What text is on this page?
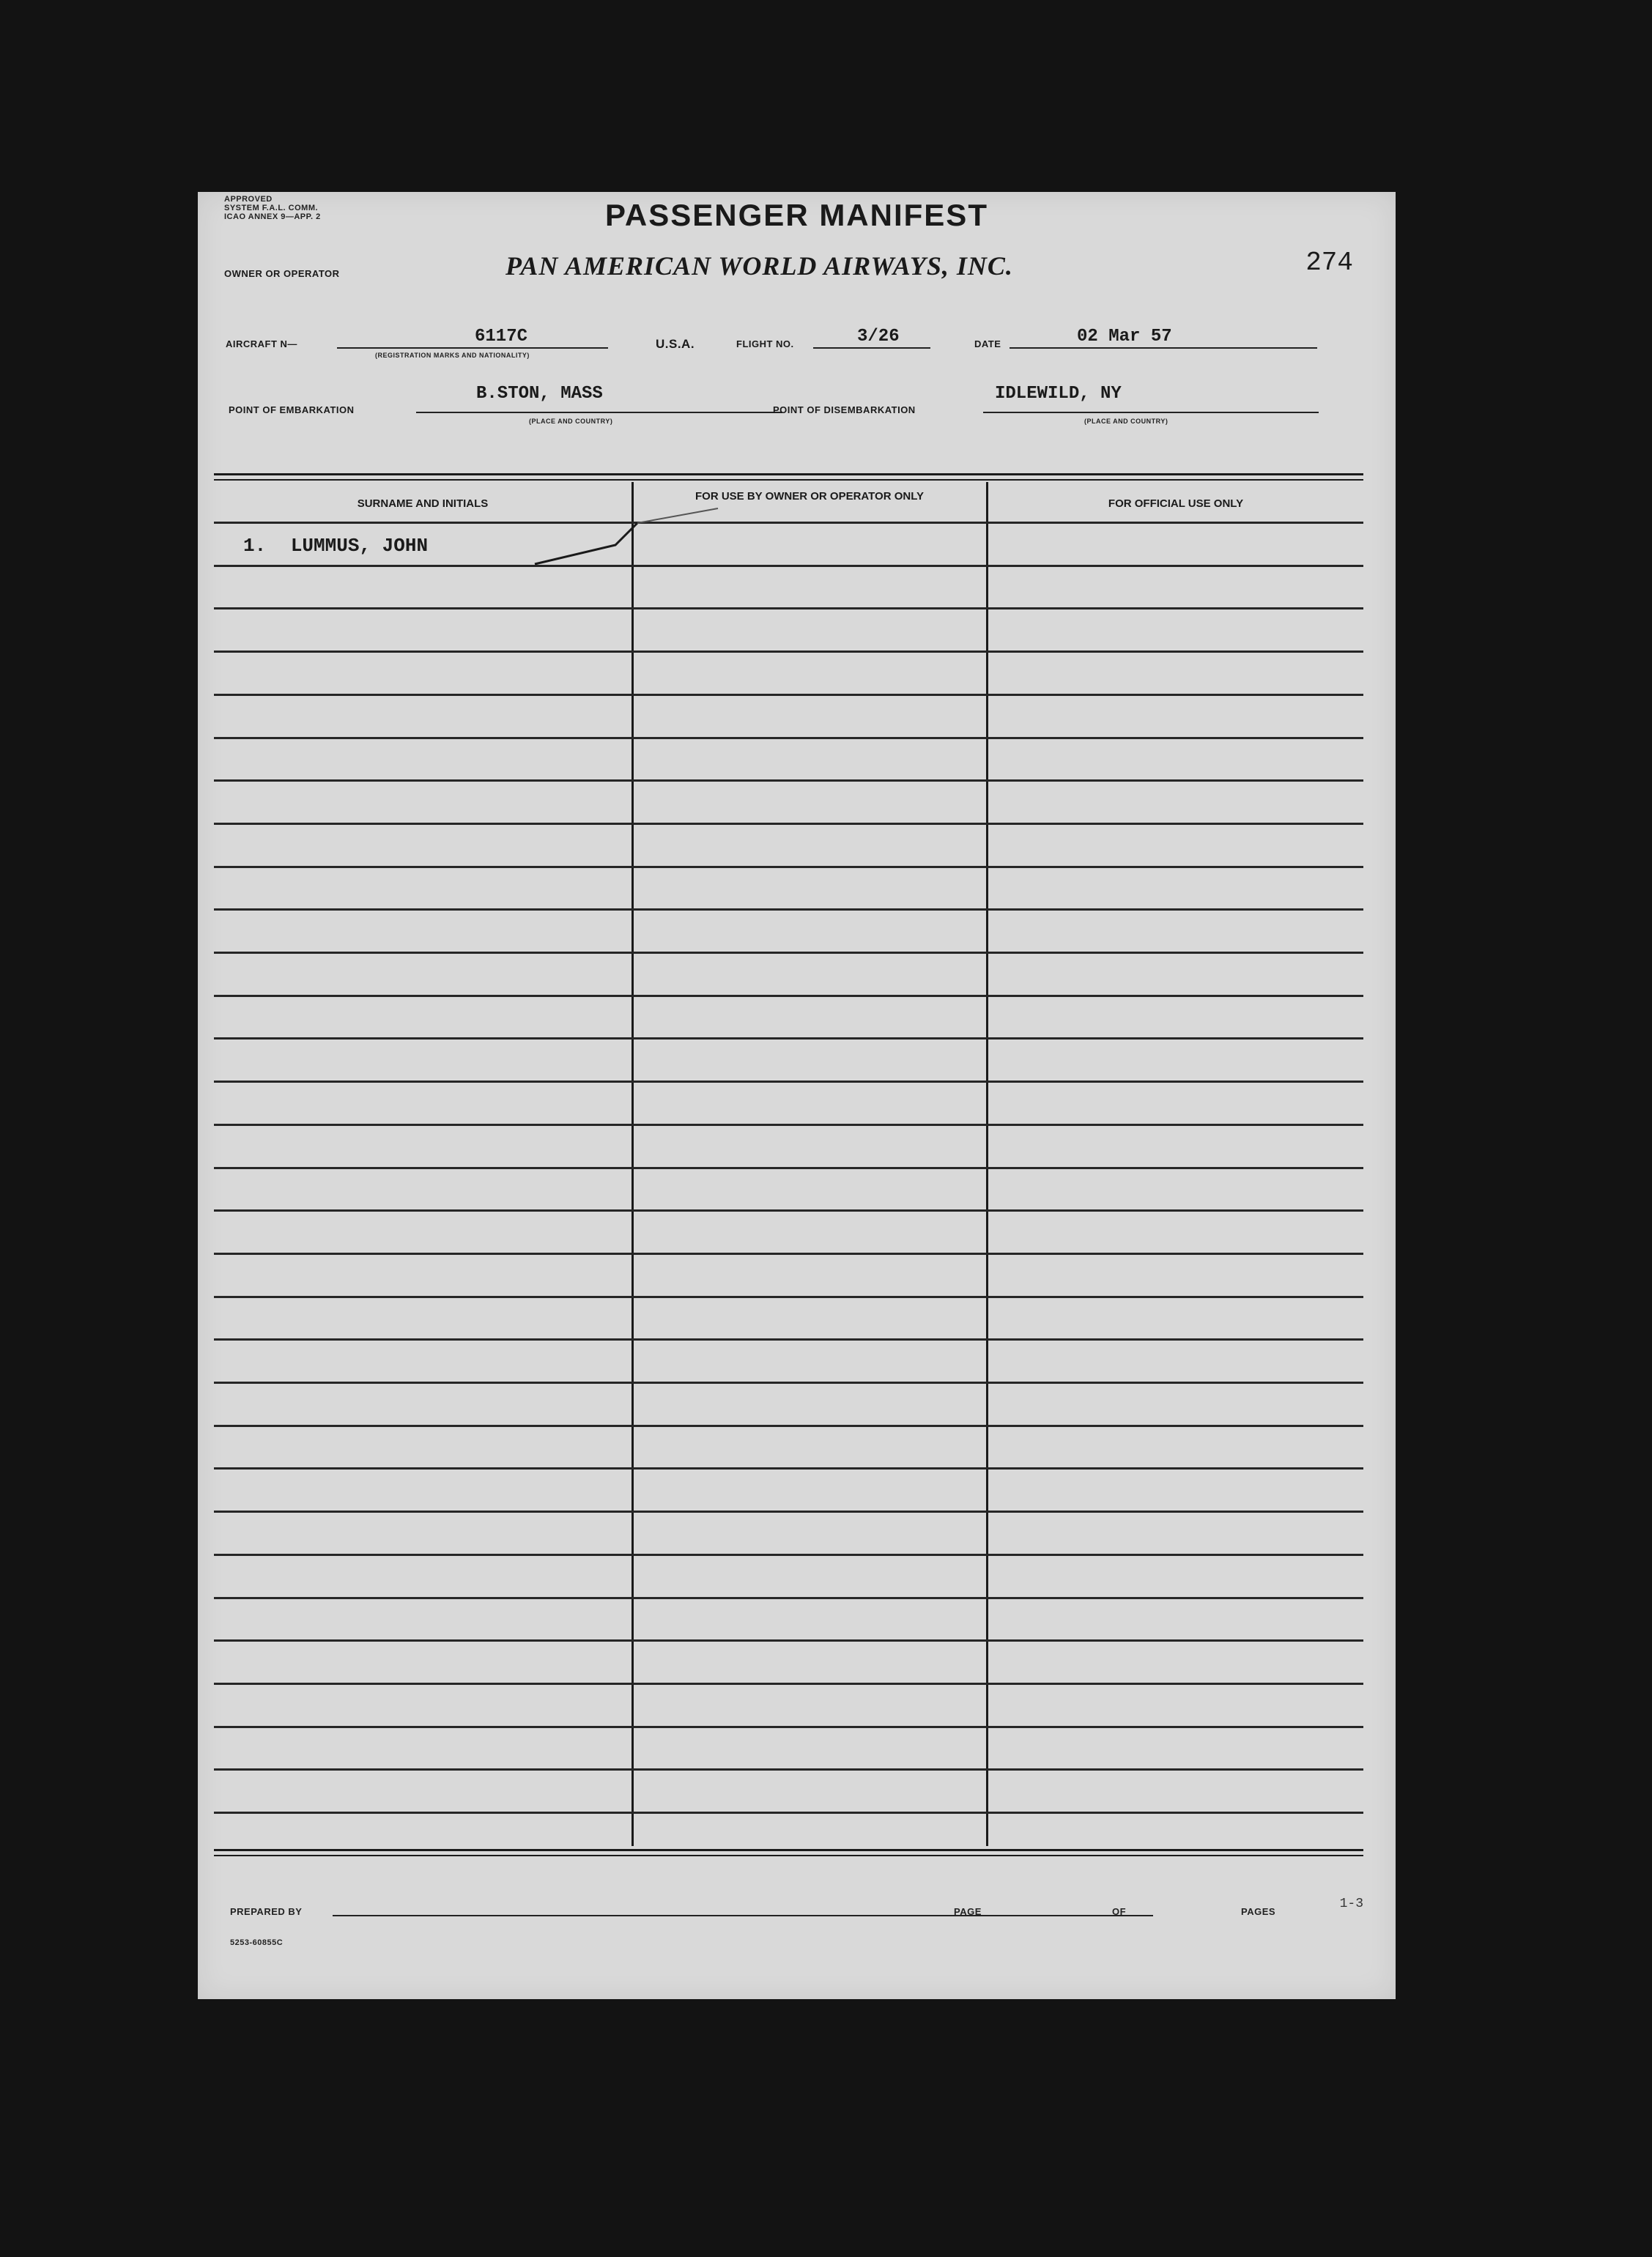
APPROVED
SYSTEM F.A.L. COMM.
ICAO ANNEX 9—APP. 2	PASSENGER MANIFEST
OWNER OR OPERATOR	PAN AMERICAN WORLD AIRWAYS, INC.	274
AIRCRAFT N—	6117C
(REGISTRATION MARKS AND NATIONALITY)
U.S.A.	FLIGHT NO.	3/26	DATE	02 Mar 57
POINT OF EMBARKATION
B.STON, MASS
(PLACE AND COUNTRY)
POINT OF DISEMBARKATION
IDLEWILD, NY
(PLACE AND COUNTRY)
SURNAME AND INITIALS
FOR USE BY OWNER OR OPERATOR ONLY
FOR OFFICIAL USE ONLY
1. LUMMUS, JOHN
PREPARED BY	PAGE	OF	PAGES
5253-60855C
1-3
